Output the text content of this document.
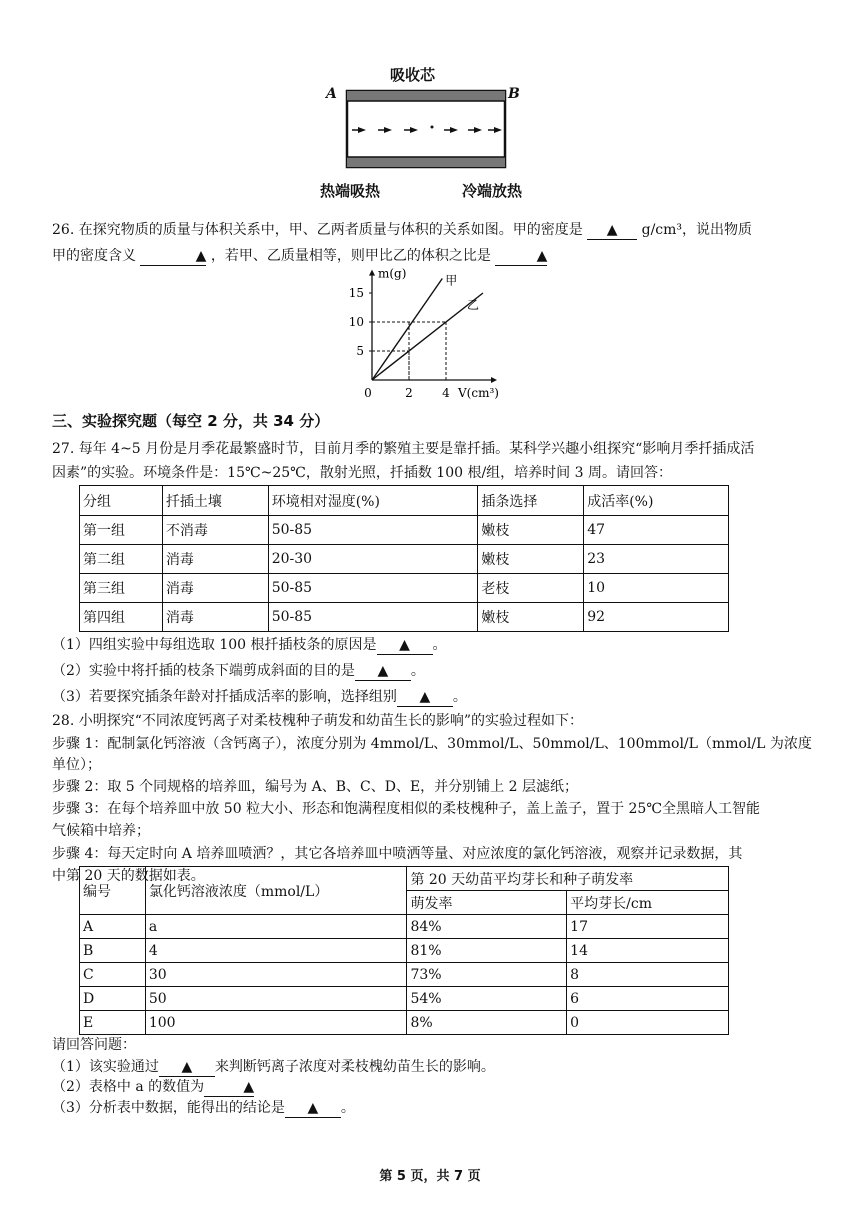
吸收芯
A	B
热端吸热	冷端放热
26. 在探究物质的质量与体积关系中，甲、乙两者质量与体积的关系如图。甲的密度是 ▲ g/cm³，说出物质
甲的密度含义	▲ ，若甲、乙质量相等，则甲比乙的体积之比是	▲
m(g)
V(cm³)
0	2 4
5
10
15
甲
乙
三、实验探究题（每空 2 分，共 34 分）
27. 每年 4~5 月份是月季花最繁盛时节，目前月季的繁殖主要是靠扦插。某科学兴趣小组探究“影响月季扦插成活
因素”的实验。环境条件是：15℃~25℃，散射光照，扦插数 100 根/组，培养时间 3 周。请回答：
分组	扦插土壤	环境相对湿度(%)	插条选择	成活率(%)
第一组	不消毒	50-85	嫩枝	47
第二组	消毒	20-30	嫩枝	23
第三组	消毒	50-85	老枝	10
第四组	消毒	50-85	嫩枝	92
（1）四组实验中每组选取 100 根扦插枝条的原因是 ▲ 。
（2）实验中将扦插的枝条下端剪成斜面的目的是 ▲ 。
（3）若要探究插条年龄对扦插成活率的影响，选择组别 ▲ 。
28. 小明探究“不同浓度钙离子对柔枝槐种子萌发和幼苗生长的影响”的实验过程如下：
步骤 1：配制氯化钙溶液（含钙离子），浓度分别为 4mmol/L、30mmol/L、50mmol/L、100mmol/L（mmol/L 为浓度
单位）；
步骤 2：取 5 个同规格的培养皿，编号为 A、B、C、D、E，并分别铺上 2 层滤纸；
步骤 3：在每个培养皿中放 50 粒大小、形态和饱满程度相似的柔枝槐种子，盖上盖子，置于 25℃全黑暗人工智能
气候箱中培养；
步骤 4：每天定时向 A 培养皿喷洒？，其它各培养皿中喷洒等量、对应浓度的氯化钙溶液，观察并记录数据，其
中第 20 天的数据如表。
编号	氯化钙溶液浓度（mmol/L）	第 20 天幼苗平均芽长和种子萌发率	
		萌发率	平均芽长/cm
A	a	84%	17
B	4	81%	14
C	30	73%	8
D	50	54%	6
E	100	8%	0
请回答问题：
（1）该实验通过 ▲ 来判断钙离子浓度对柔枝槐幼苗生长的影响。
（2）表格中 a 的数值为	▲
（3）分析表中数据，能得出的结论是 ▲ 。
第 5 页，共 7 页
